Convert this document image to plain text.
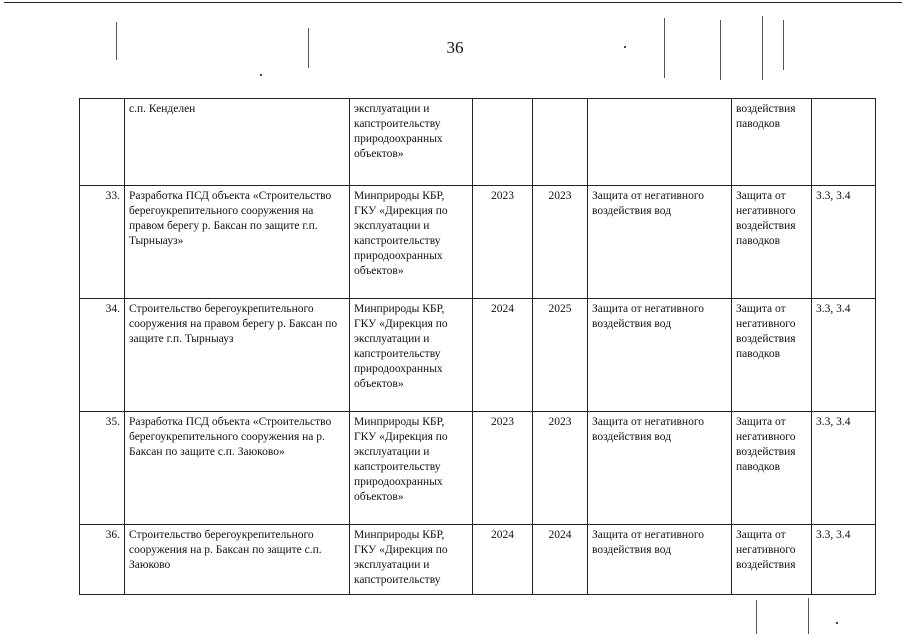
36
	с.п. Кенделен	эксплуатации и капстроительству природоохранных объектов»				воздействия паводков	
33.	Разработка ПСД объекта «Строительство берегоукрепительного сооружения на правом берегу р. Баксан по защите г.п. Тырныауз»	Минприроды КБР, ГКУ «Дирекция по эксплуатации и капстроительству природоохранных объектов»	2023	2023	Защита от негативного воздействия вод	Защита от негативного воздействия паводков	3.3, 3.4
34.	Строительство берегоукрепительного сооружения на правом берегу р. Баксан по защите г.п. Тырныауз	Минприроды КБР, ГКУ «Дирекция по эксплуатации и капстроительству природоохранных объектов»	2024	2025	Защита от негативного воздействия вод	Защита от негативного воздействия паводков	3.3, 3.4
35.	Разработка ПСД объекта «Строительство берегоукрепительного сооружения на р. Баксан по защите с.п. Заюково»	Минприроды КБР, ГКУ «Дирекция по эксплуатации и капстроительству природоохранных объектов»	2023	2023	Защита от негативного воздействия вод	Защита от негативного воздействия паводков	3.3, 3.4
36.	Строительство берегоукрепительного сооружения на р. Баксан по защите с.п. Заюково	Минприроды КБР, ГКУ «Дирекция по эксплуатации и капстроительству	2024	2024	Защита от негативного воздействия вод	Защита от негативного воздействия	3.3, 3.4
